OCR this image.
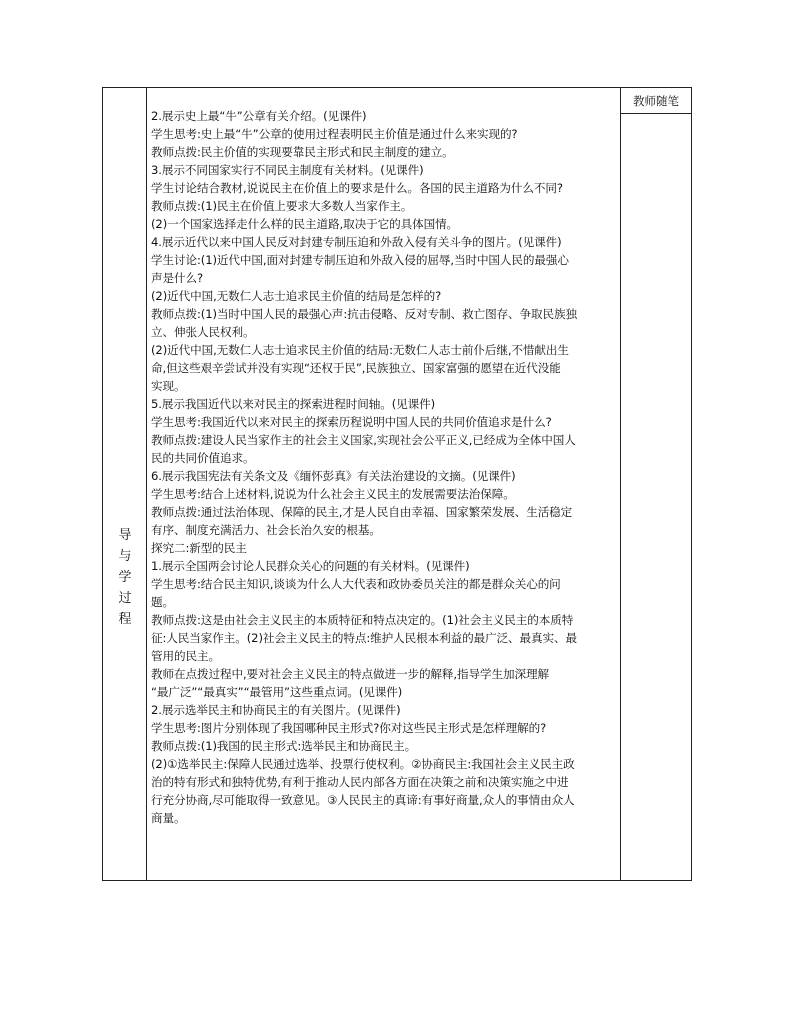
导
与
学
过
程

2.展示史上最“牛”公章有关介绍。(见课件)

学生思考:史上最“牛”公章的使用过程表明民主价值是通过什么来实现的?

教师点拨:民主价值的实现要靠民主形式和民主制度的建立。

3.展示不同国家实行不同民主制度有关材料。(见课件)

学生讨论结合教材,说说民主在价值上的要求是什么。各国的民主道路为什么不同?

教师点拨:(1)民主在价值上要求大多数人当家作主。

(2)一个国家选择走什么样的民主道路,取决于它的具体国情。

4.展示近代以来中国人民反对封建专制压迫和外敌入侵有关斗争的图片。(见课件)

学生讨论:(1)近代中国,面对封建专制压迫和外敌入侵的屈辱,当时中国人民的最强心

声是什么?

(2)近代中国,无数仁人志士追求民主价值的结局是怎样的?

教师点拨:(1)当时中国人民的最强心声:抗击侵略、反对专制、救亡图存、争取民族独

立、伸张人民权利。

(2)近代中国,无数仁人志士追求民主价值的结局:无数仁人志士前仆后继,不惜献出生

命,但这些艰辛尝试并没有实现“还权于民”,民族独立、国家富强的愿望在近代没能

实现。

5.展示我国近代以来对民主的探索进程时间轴。(见课件)

学生思考:我国近代以来对民主的探索历程说明中国人民的共同价值追求是什么?

教师点拨:建设人民当家作主的社会主义国家,实现社会公平正义,已经成为全体中国人

民的共同价值追求。

6.展示我国宪法有关条文及《缅怀彭真》有关法治建设的文摘。(见课件)

学生思考:结合上述材料,说说为什么社会主义民主的发展需要法治保障。

教师点拨:通过法治体现、保障的民主,才是人民自由幸福、国家繁荣发展、生活稳定

有序、制度充满活力、社会长治久安的根基。

探究二:新型的民主

1.展示全国两会讨论人民群众关心的问题的有关材料。(见课件)

学生思考:结合民主知识,谈谈为什么人大代表和政协委员关注的都是群众关心的问

题。

教师点拨:这是由社会主义民主的本质特征和特点决定的。(1)社会主义民主的本质特

征:人民当家作主。(2)社会主义民主的特点:维护人民根本利益的最广泛、最真实、最

管用的民主。

教师在点拨过程中,要对社会主义民主的特点做进一步的解释,指导学生加深理解

“最广泛”“最真实”“最管用”这些重点词。(见课件)

2.展示选举民主和协商民主的有关图片。(见课件)

学生思考:图片分别体现了我国哪种民主形式?你对这些民主形式是怎样理解的?

教师点拨:(1)我国的民主形式:选举民主和协商民主。

(2)①选举民主:保障人民通过选举、投票行使权利。②协商民主:我国社会主义民主政

治的特有形式和独特优势,有利于推动人民内部各方面在决策之前和决策实施之中进

行充分协商,尽可能取得一致意见。③人民民主的真谛:有事好商量,众人的事情由众人

商量。

教师随笔
